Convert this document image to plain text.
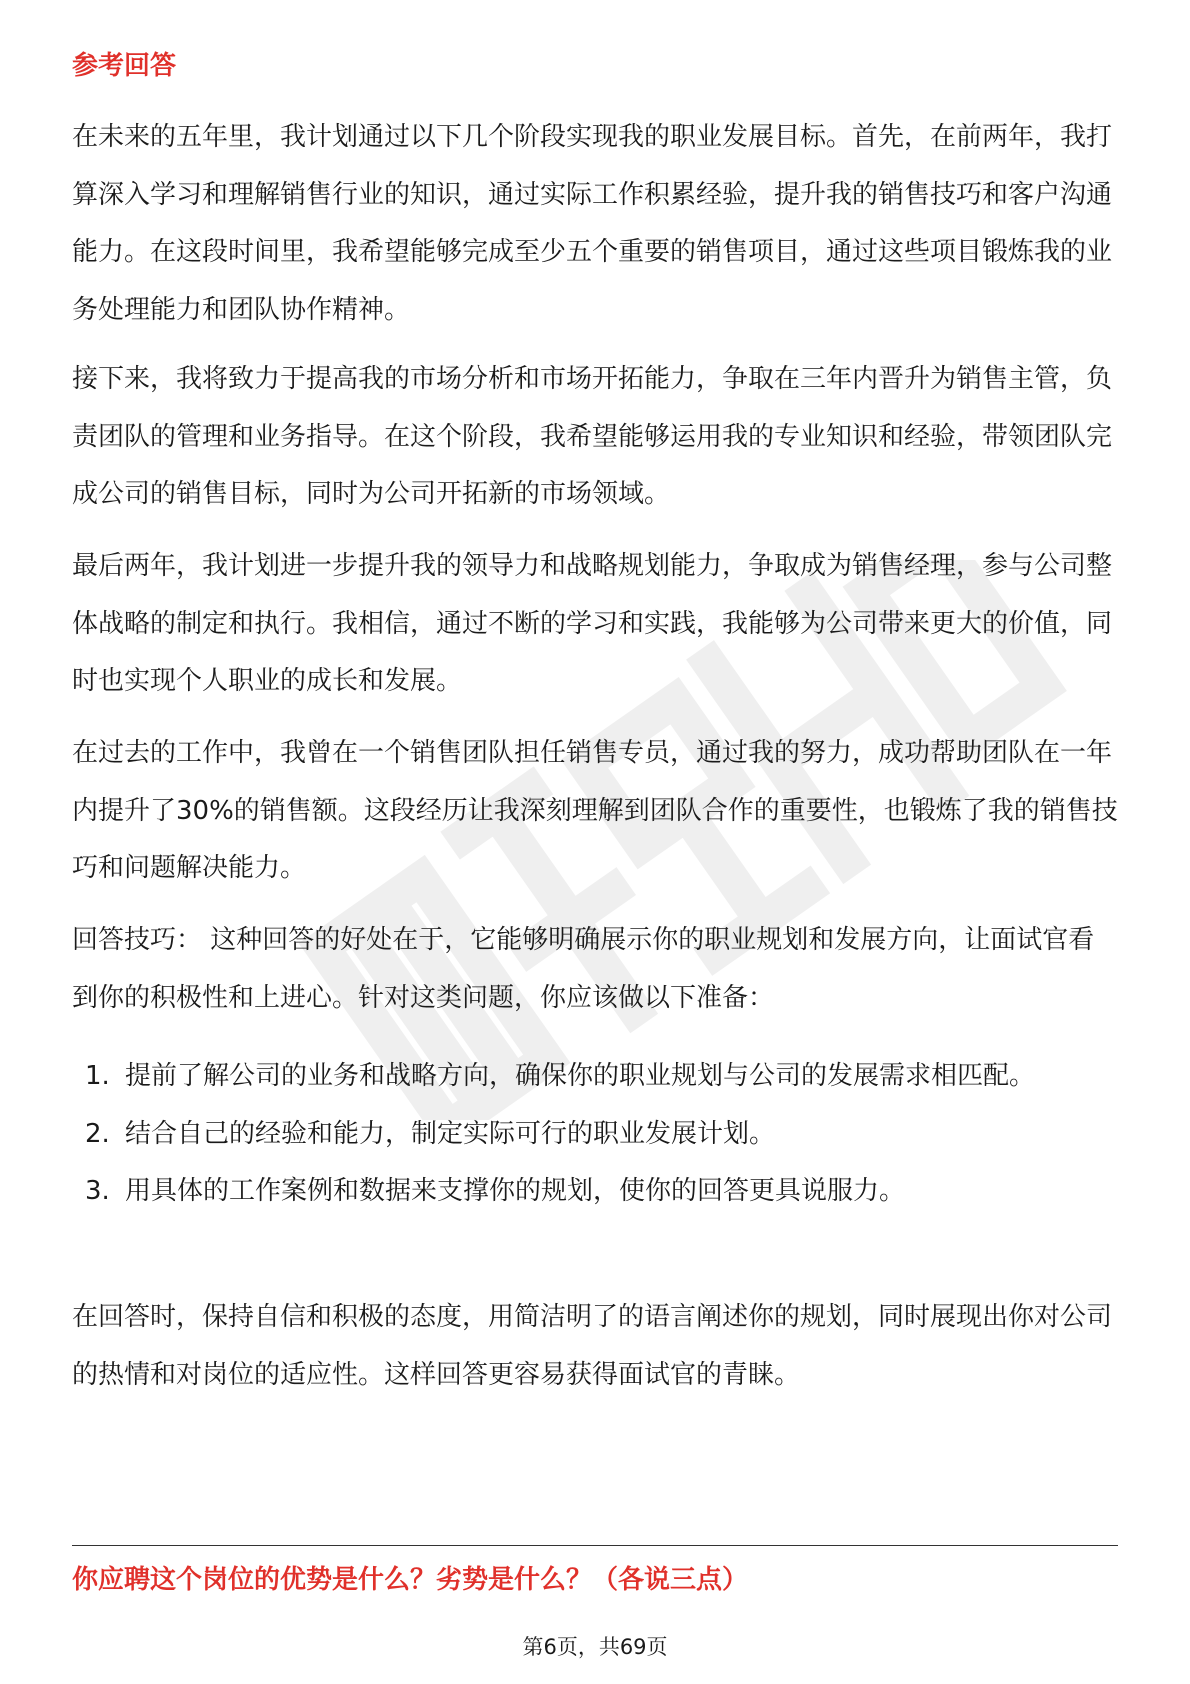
参考回答

在未来的五年里，我计划通过以下几个阶段实现我的职业发展目标。首先，在前两年，我打算深入学习和理解销售行业的知识，通过实际工作积累经验，提升我的销售技巧和客户沟通能力。在这段时间里，我希望能够完成至少五个重要的销售项目，通过这些项目锻炼我的业务处理能力和团队协作精神。

接下来，我将致力于提高我的市场分析和市场开拓能力，争取在三年内晋升为销售主管，负责团队的管理和业务指导。在这个阶段，我希望能够运用我的专业知识和经验，带领团队完成公司的销售目标，同时为公司开拓新的市场领域。

最后两年，我计划进一步提升我的领导力和战略规划能力，争取成为销售经理，参与公司整体战略的制定和执行。我相信，通过不断的学习和实践，我能够为公司带来更大的价值，同时也实现个人职业的成长和发展。

在过去的工作中，我曾在一个销售团队担任销售专员，通过我的努力，成功帮助团队在一年内提升了30%的销售额。这段经历让我深刻理解到团队合作的重要性，也锻炼了我的销售技巧和问题解决能力。

回答技巧： 这种回答的好处在于，它能够明确展示你的职业规划和发展方向，让面试官看到你的积极性和上进心。针对这类问题，你应该做以下准备：

1. 提前了解公司的业务和战略方向，确保你的职业规划与公司的发展需求相匹配。
2. 结合自己的经验和能力，制定实际可行的职业发展计划。
3. 用具体的工作案例和数据来支撑你的规划，使你的回答更具说服力。

在回答时，保持自信和积极的态度，用简洁明了的语言阐述你的规划，同时展现出你对公司的热情和对岗位的适应性。这样回答更容易获得面试官的青睐。

你应聘这个岗位的优势是什么？劣势是什么？（各说三点）
第6页，共69页
